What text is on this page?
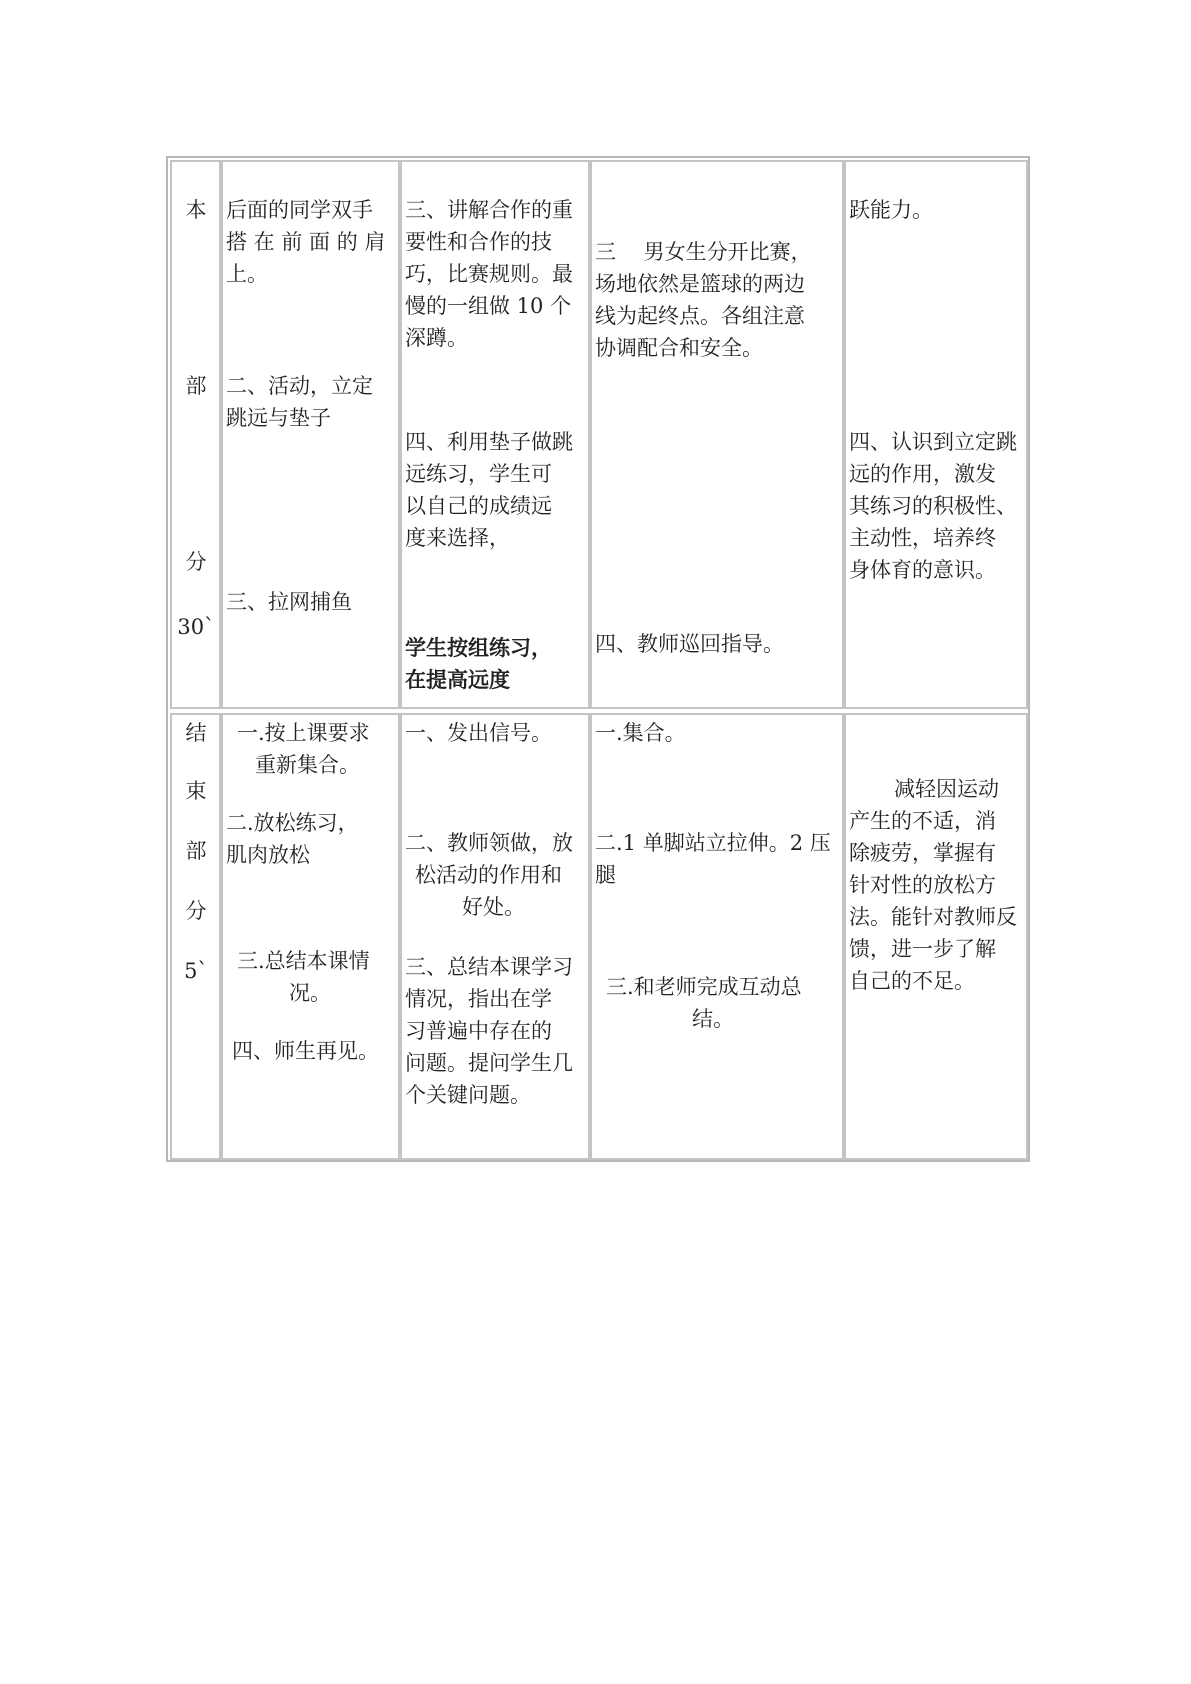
本
部
分
30`
后面的同学双手
搭 在 前 面 的 肩
上。
二、活动，立定
跳远与垫子
三、拉网捕鱼
三、讲解合作的重
要性和合作的技
巧，比赛规则。最
慢的一组做 10 个
深蹲。
四、利用垫子做跳
远练习，学生可
以自己的成绩远
度来选择，
学生按组练习，
在提高远度
三　 男女生分开比赛，
场地依然是篮球的两边
线为起终点。各组注意
协调配合和安全。
四、教师巡回指导。
跃能力。
四、认识到立定跳
远的作用，激发
其练习的积极性、
主动性，培养终
身体育的意识。
结
束
部
分
5`
一.按上课要求
重新集合。
二.放松练习，
肌肉放松
三.总结本课情
况。
四、师生再见。
一、发出信号。
二、教师领做，放
松活动的作用和
好处。
三、总结本课学习
情况，指出在学
习普遍中存在的
问题。提问学生几
个关键问题。
一.集合。
二.1 单脚站立拉伸。2 压
腿
三.和老师完成互动总
结。
减轻因运动
产生的不适，消
除疲劳，掌握有
针对性的放松方
法。能针对教师反
馈，进一步了解
自己的不足。
